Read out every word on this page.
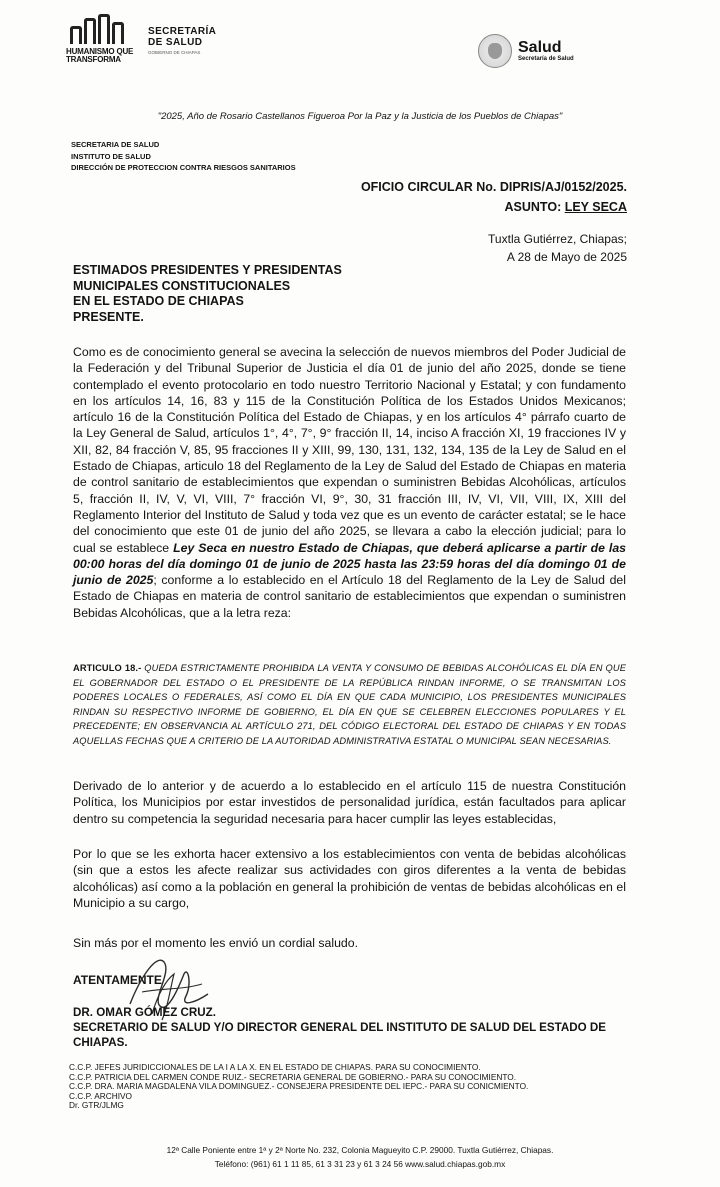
HUMANISMO QUE
TRANSFORMA
SECRETARÍA
DE SALUD
GOBIERNO DE CHIAPAS	Salud
Secretaría de Salud
"2025, Año de Rosario Castellanos Figueroa Por la Paz y la Justicia de los Pueblos de Chiapas"
SECRETARIA DE SALUD
INSTITUTO DE SALUD
DIRECCIÓN DE PROTECCION CONTRA RIESGOS SANITARIOS
OFICIO CIRCULAR No. DIPRIS/AJ/0152/2025.
ASUNTO: LEY SECA
Tuxtla Gutiérrez, Chiapas;
A 28 de Mayo de 2025
ESTIMADOS PRESIDENTES Y PRESIDENTAS
MUNICIPALES CONSTITUCIONALES
EN EL ESTADO DE CHIAPAS
PRESENTE.
Como es de conocimiento general se avecina la selección de nuevos miembros del Poder Judicial de la Federación y del Tribunal Superior de Justicia el día 01 de junio del año 2025, donde se tiene contemplado el evento protocolario en todo nuestro Territorio Nacional y Estatal; y con fundamento en los artículos 14, 16, 83 y 115 de la Constitución Política de los Estados Unidos Mexicanos; artículo 16 de la Constitución Política del Estado de Chiapas, y en los artículos 4° párrafo cuarto de la Ley General de Salud, artículos 1°, 4°, 7°, 9° fracción II, 14, inciso A fracción XI, 19 fracciones IV y XII, 82, 84 fracción V, 85, 95 fracciones II y XIII, 99, 130, 131, 132, 134, 135 de la Ley de Salud en el Estado de Chiapas, articulo 18 del Reglamento de la Ley de Salud del Estado de Chiapas en materia de control sanitario de establecimientos que expendan o suministren Bebidas Alcohólicas, artículos 5, fracción II, IV, V, VI, VIII, 7° fracción VI, 9°, 30, 31 fracción III, IV, VI, VII, VIII, IX, XIII del Reglamento Interior del Instituto de Salud y toda vez que es un evento de carácter estatal; se le hace del conocimiento que este 01 de junio del año 2025, se llevara a cabo la elección judicial; para lo cual se establece Ley Seca en nuestro Estado de Chiapas, que deberá aplicarse a partir de las 00:00 horas del día domingo 01 de junio de 2025 hasta las 23:59 horas del día domingo 01 de junio de 2025; conforme a lo establecido en el Artículo 18 del Reglamento de la Ley de Salud del Estado de Chiapas en materia de control sanitario de establecimientos que expendan o suministren Bebidas Alcohólicas, que a la letra reza:
ARTICULO 18.- QUEDA ESTRICTAMENTE PROHIBIDA LA VENTA Y CONSUMO DE BEBIDAS ALCOHÓLICAS EL DÍA EN QUE EL GOBERNADOR DEL ESTADO O EL PRESIDENTE DE LA REPÚBLICA RINDAN INFORME, O SE TRANSMITAN LOS PODERES LOCALES O FEDERALES, ASÍ COMO EL DÍA EN QUE CADA MUNICIPIO, LOS PRESIDENTES MUNICIPALES RINDAN SU RESPECTIVO INFORME DE GOBIERNO, EL DÍA EN QUE SE CELEBREN ELECCIONES POPULARES Y EL PRECEDENTE; EN OBSERVANCIA AL ARTÍCULO 271, DEL CÓDIGO ELECTORAL DEL ESTADO DE CHIAPAS Y EN TODAS AQUELLAS FECHAS QUE A CRITERIO DE LA AUTORIDAD ADMINISTRATIVA ESTATAL O MUNICIPAL SEAN NECESARIAS.
Derivado de lo anterior y de acuerdo a lo establecido en el artículo 115 de nuestra Constitución Política, los Municipios por estar investidos de personalidad jurídica, están facultados para aplicar dentro su competencia la seguridad necesaria para hacer cumplir las leyes establecidas,
Por lo que se les exhorta hacer extensivo a los establecimientos con venta de bebidas alcohólicas (sin que a estos les afecte realizar sus actividades con giros diferentes a la venta de bebidas alcohólicas) así como a la población en general la prohibición de ventas de bebidas alcohólicas en el Municipio a su cargo,
Sin más por el momento les envió un cordial saludo.
ATENTAMENTE
DR. OMAR GÓMEZ CRUZ.
SECRETARIO DE SALUD Y/O DIRECTOR GENERAL DEL INSTITUTO DE SALUD DEL ESTADO DE CHIAPAS.
C.C.P. JEFES JURIDICCIONALES DE LA I A LA X. EN EL ESTADO DE CHIAPAS. PARA SU CONOCIMIENTO.
C.C.P. PATRICIA DEL CARMEN CONDE RUIZ.- SECRETARIA GENERAL DE GOBIERNO.- PARA SU CONOCIMIENTO.
C.C.P. DRA. MARIA MAGDALENA VILA DOMINGUEZ.- CONSEJERA PRESIDENTE DEL IEPC.- PARA SU CONICMIENTO.
C.C.P. ARCHIVO
Dr. GTR/JLMG
12ª Calle Poniente entre 1ª y 2ª Norte No. 232, Colonia Magueyito C.P. 29000. Tuxtla Gutiérrez, Chiapas.
Teléfono: (961) 61 1 11 85, 61 3 31 23 y 61 3 24 56 www.salud.chiapas.gob.mx
